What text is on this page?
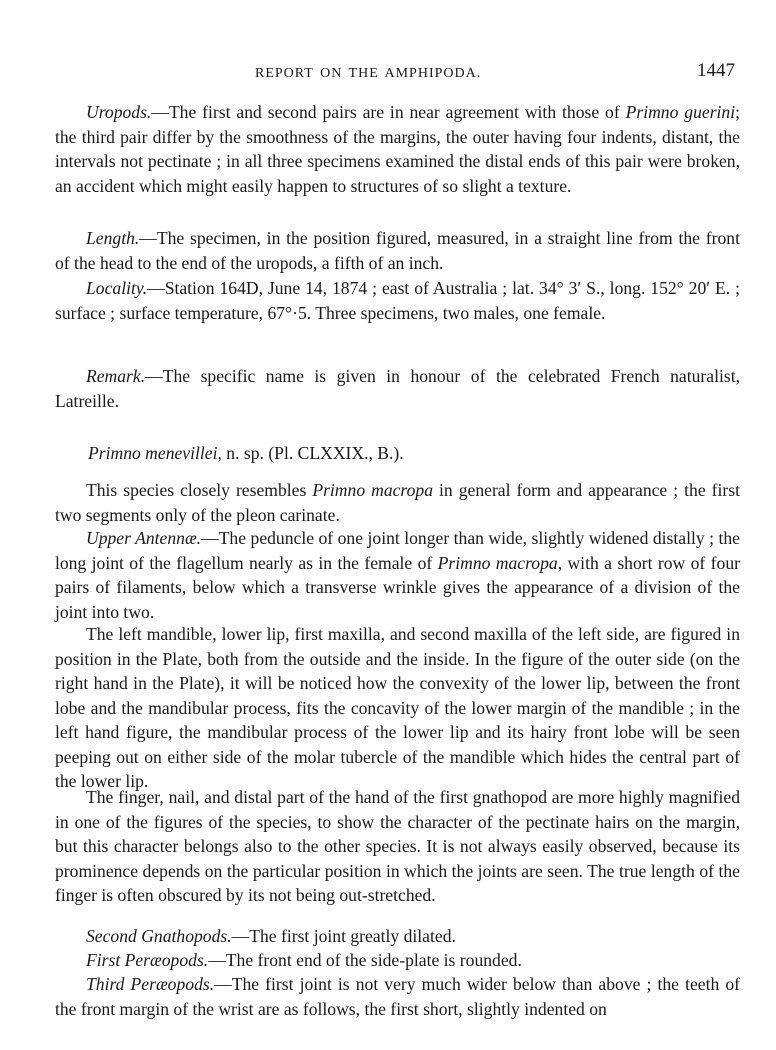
REPORT ON THE AMPHIPODA.	1447

Uropods.—The first and second pairs are in near agreement with those of Primno guerini; the third pair differ by the smoothness of the margins, the outer having four indents, distant, the intervals not pectinate ; in all three specimens examined the distal ends of this pair were broken, an accident which might easily happen to structures of so slight a texture.

Length.—The specimen, in the position figured, measured, in a straight line from the front of the head to the end of the uropods, a fifth of an inch.

Locality.—Station 164D, June 14, 1874 ; east of Australia ; lat. 34° 3′ S., long. 152° 20′ E. ; surface ; surface temperature, 67°·5. Three specimens, two males, one female.

Remark.—The specific name is given in honour of the celebrated French naturalist, Latreille.

Primno menevillei, n. sp. (Pl. CLXXIX., B.).

This species closely resembles Primno macropa in general form and appearance ; the first two segments only of the pleon carinate.

Upper Antennæ.—The peduncle of one joint longer than wide, slightly widened distally ; the long joint of the flagellum nearly as in the female of Primno macropa, with a short row of four pairs of filaments, below which a transverse wrinkle gives the appearance of a division of the joint into two.

The left mandible, lower lip, first maxilla, and second maxilla of the left side, are figured in position in the Plate, both from the outside and the inside. In the figure of the outer side (on the right hand in the Plate), it will be noticed how the convexity of the lower lip, between the front lobe and the mandibular process, fits the concavity of the lower margin of the mandible ; in the left hand figure, the mandibular process of the lower lip and its hairy front lobe will be seen peeping out on either side of the molar tubercle of the mandible which hides the central part of the lower lip.

The finger, nail, and distal part of the hand of the first gnathopod are more highly magnified in one of the figures of the species, to show the character of the pectinate hairs on the margin, but this character belongs also to the other species. It is not always easily observed, because its prominence depends on the particular position in which the joints are seen. The true length of the finger is often obscured by its not being out-stretched.

Second Gnathopods.—The first joint greatly dilated.

First Peræopods.—The front end of the side-plate is rounded.

Third Peræopods.—The first joint is not very much wider below than above ; the teeth of the front margin of the wrist are as follows, the first short, slightly indented on
